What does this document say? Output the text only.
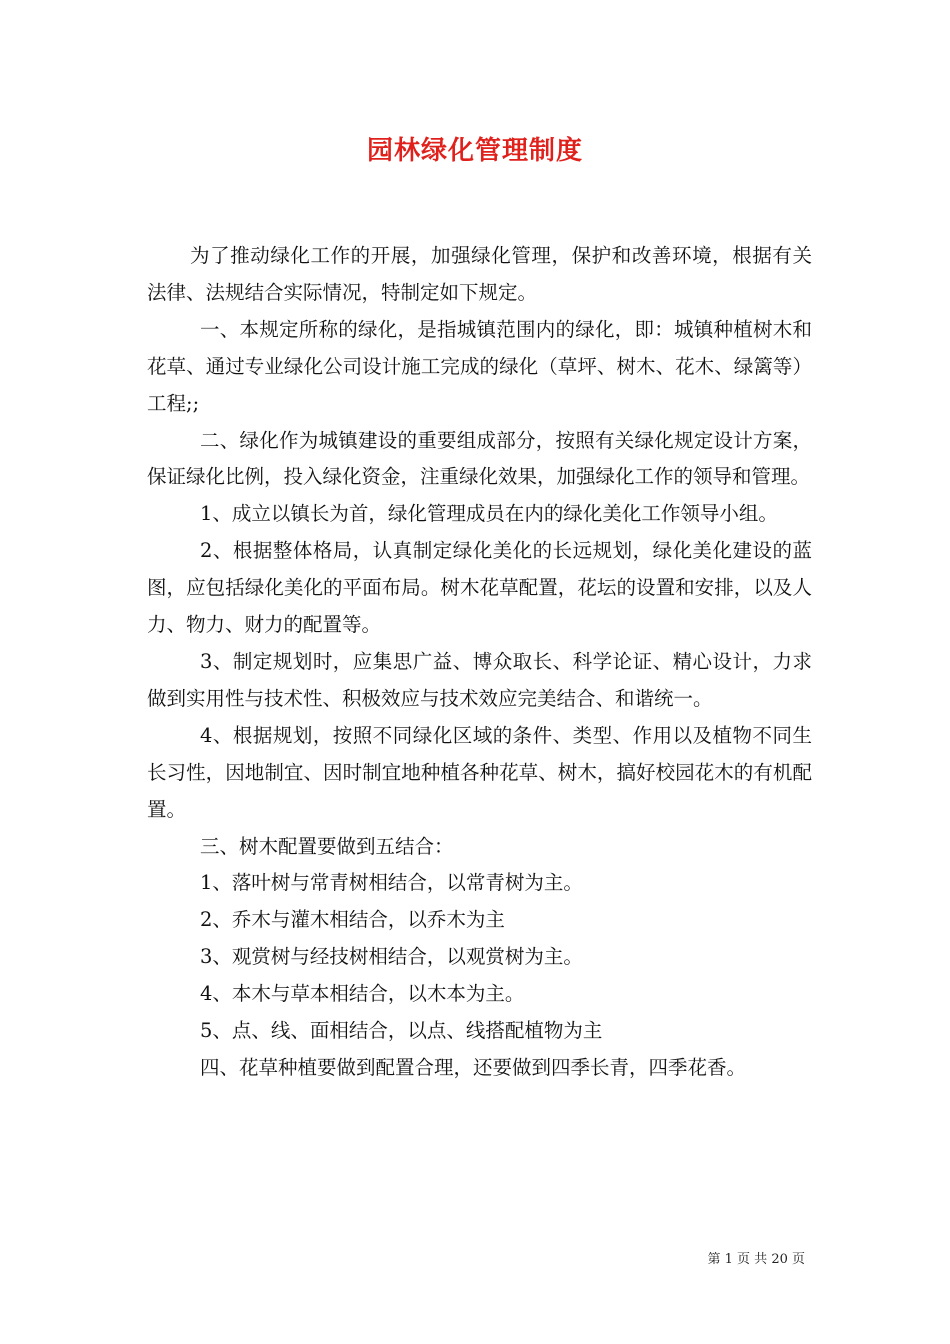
园林绿化管理制度

为了推动绿化工作的开展，加强绿化管理，保护和改善环境，根据有关法律、法规结合实际情况，特制定如下规定。

一、本规定所称的绿化，是指城镇范围内的绿化，即：城镇种植树木和花草、通过专业绿化公司设计施工完成的绿化（草坪、树木、花木、绿篱等）工程;;

二、绿化作为城镇建设的重要组成部分，按照有关绿化规定设计方案，保证绿化比例，投入绿化资金，注重绿化效果，加强绿化工作的领导和管理。

1、成立以镇长为首，绿化管理成员在内的绿化美化工作领导小组。

2、根据整体格局，认真制定绿化美化的长远规划，绿化美化建设的蓝图，应包括绿化美化的平面布局。树木花草配置，花坛的设置和安排，以及人力、物力、财力的配置等。

3、制定规划时，应集思广益、博众取长、科学论证、精心设计，力求做到实用性与技术性、积极效应与技术效应完美结合、和谐统一。

4、根据规划，按照不同绿化区域的条件、类型、作用以及植物不同生长习性，因地制宜、因时制宜地种植各种花草、树木，搞好校园花木的有机配置。

三、树木配置要做到五结合：
1、落叶树与常青树相结合，以常青树为主。
2、乔木与灌木相结合，以乔木为主
3、观赏树与经技树相结合，以观赏树为主。
4、本木与草本相结合，以木本为主。
5、点、线、面相结合，以点、线搭配植物为主
四、花草种植要做到配置合理，还要做到四季长青，四季花香。
第 1 页 共 20 页
